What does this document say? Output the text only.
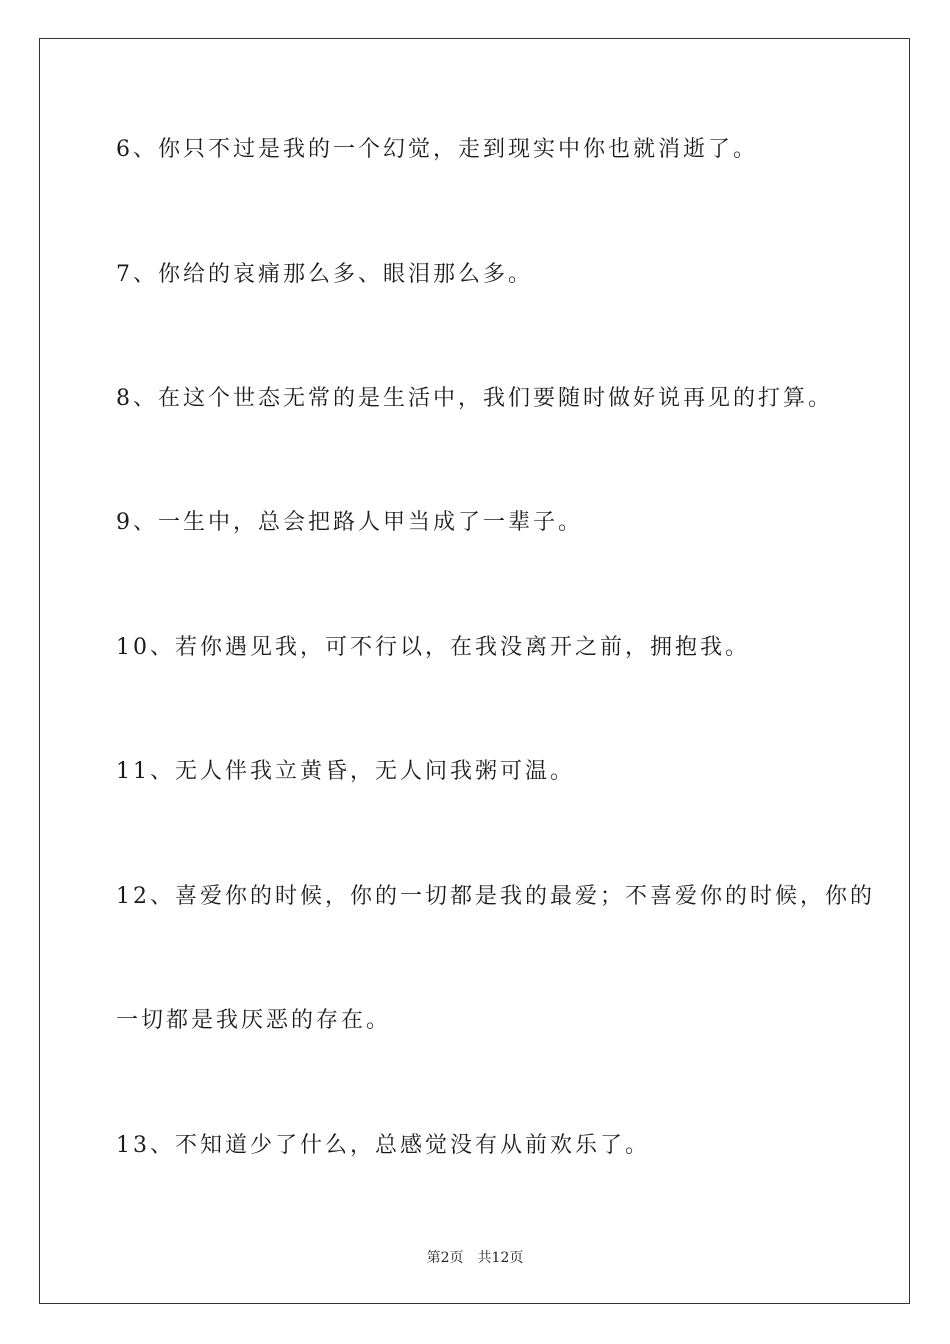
6、你只不过是我的一个幻觉，走到现实中你也就消逝了。
7、你给的哀痛那么多、眼泪那么多。
8、在这个世态无常的是生活中，我们要随时做好说再见的打算。
9、一生中，总会把路人甲当成了一辈子。
10、若你遇见我，可不行以，在我没离开之前，拥抱我。
11、无人伴我立黄昏，无人问我粥可温。
12、喜爱你的时候，你的一切都是我的最爱；不喜爱你的时候，你的
一切都是我厌恶的存在。
13、不知道少了什么，总感觉没有从前欢乐了。
第2页 共12页
